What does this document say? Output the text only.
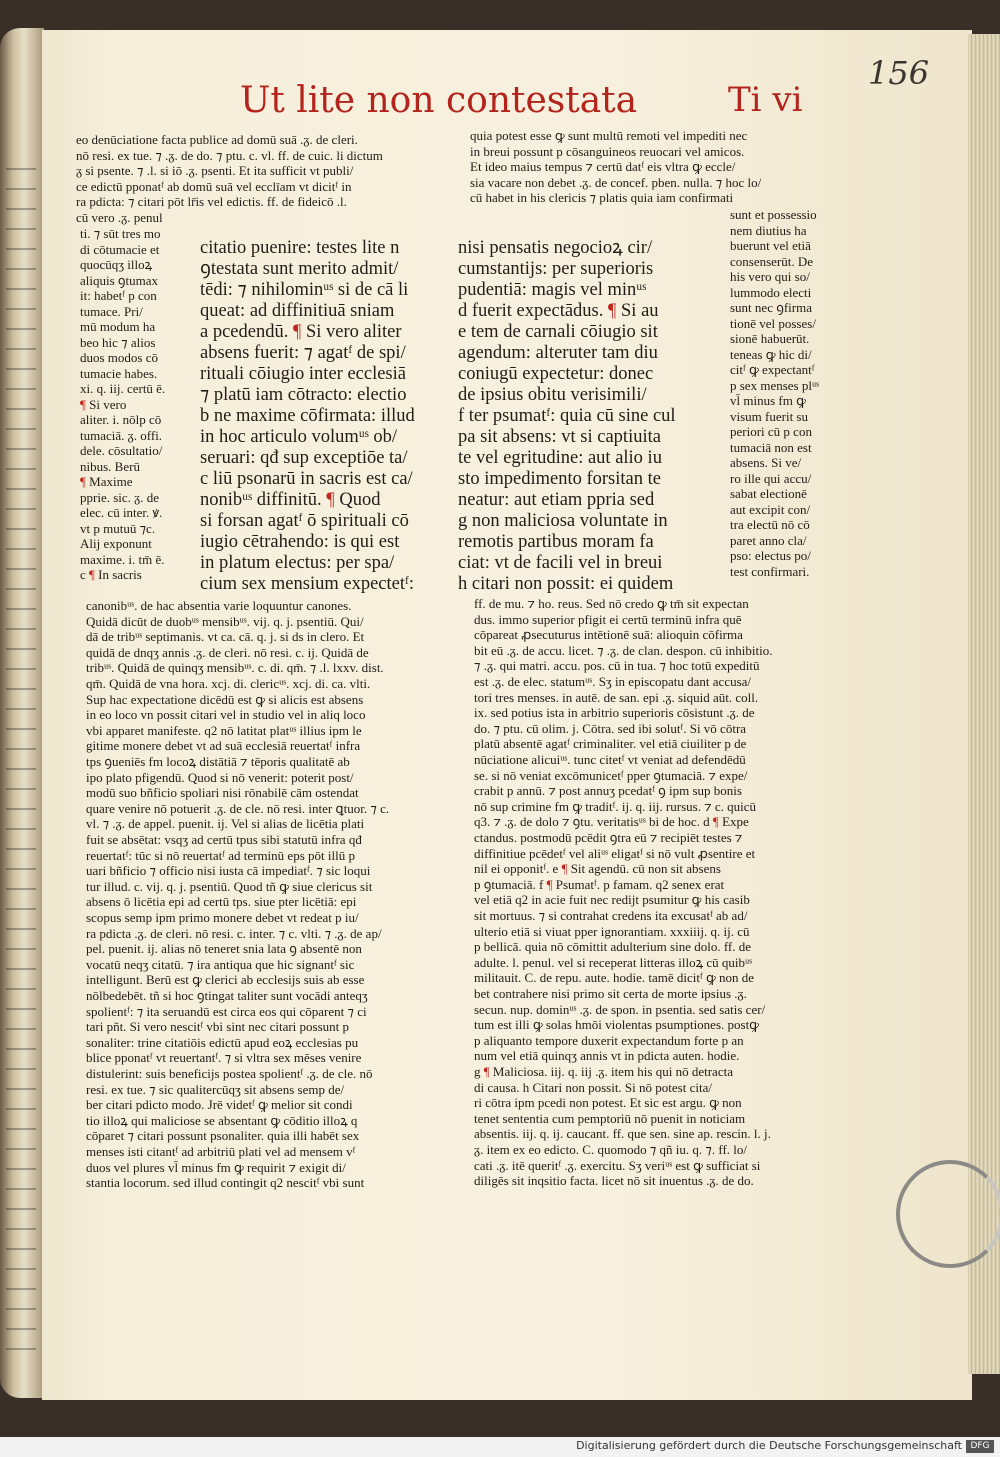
156
Ut lite non contestata	Ti vi
eo denūciatione facta publice ad domū suā .ᵹ. de cleri.
nō resi. ex tue. ⁊ .ᵹ. de do. ⁊ ptu. c. vl. ff. de cuic. li dictum
ᵹ si psente. ⁊ .l. si iō .ᵹ. psenti. Et ita sufficit vt publi/
ce edictū pponatᶠ ab domū suā vel ecclīam vt dicitᶠ in
ra pdicta: ⁊ citari pōt lr̄is vel edictis. ff. de fideicō .l.
cū vero .ᵹ. penul
ti. ⁊ sūt tres mo
di cōtumacie et
quocūqʒ illoꝝ
aliquis ꝯtumax
it: habetᶠ p con
tumace. Pri/
mū modum ha
beo hic ⁊ alios
duos modos cō
tumacie habes.
xi. q. iij. certū ē.
¶ Si vero
aliter. i. nōlp cō
tumaciā. ᵹ. offi.
dele. cōsultatio/
nibus. Berū
¶ Maxime
pprie. sic. ᵹ. de
elec. cū inter. ꝟ.
vt p mutuū ⁊c.
Alij exponunt
maxime. i. tm̄ ē.
c ¶ In sacris
citatio puenire: testes lite n
ꝯtestata sunt merito admit/
tēdi: ⁊ nihilominᵘˢ si de cā li
queat: ad diffinitiuā sniam
a pcedendū. ¶ Si vero aliter
absens fuerit: ⁊ agatᶠ de spi/
rituali cōiugio inter ecclesiā
⁊ platū iam cōtracto: electio
b ne maxime cōfirmata: illud
in hoc articulo volumᵘˢ ob/
seruari: qđ sup exceptiōe ta/
c liū psonarū in sacris est ca/
nonibᵘˢ diffinitū. ¶ Quod
si forsan agatᶠ ō spirituali cō
iugio cētrahendo: is qui est
in platum electus: per spa/
cium sex mensium expectetᶠ:
quia potest esse ꝙ sunt multū remoti vel impediti nec
in breui possunt p cōsanguineos reuocari vel amicos.
Et ideo maius tempus ⁊ certū datᶠ eis vltra ꝙ eccle/
sia vacare non debet .ᵹ. de concef. pben. nulla. ⁊ hoc lo/
cū habet in his clericis ⁊ platis quia iam confirmati
nisi pensatis negocioꝝ cir/
cumstantijs: per superioris
pudentiā: magis vel minᵘˢ
d fuerit expectādus. ¶ Si au
e tem de carnali cōiugio sit
agendum: alteruter tam diu
coniugū expectetur: donec
de ipsius obitu verisimili/
f ter psumatᶠ: quia cū sine cul
pa sit absens: vt si captiuita
te vel egritudine: aut alio iu
sto impedimento forsitan te
neatur: aut etiam ppria sed
g non maliciosa voluntate in
remotis partibus moram fa
ciat: vt de facili vel in breui
h citari non possit: ei quidem
sunt et possessio
nem diutius ha
buerunt vel etiā
consenserūt. De
his vero qui so/
lummodo electi
sunt nec ꝯfirma
tionē vel posses/
sionē habuerūt.
teneas ꝙ hic di/
citᶠ ꝙ expectantᶠ
p sex menses plᵘˢ
vl̄ minus fm ꝙ
visum fuerit su
periori cū p con
tumaciā non est
absens. Si ve/
ro ille qui accu/
sabat electionē
aut excipit con/
tra electū nō cō
paret anno cla/
pso: electus po/
test confirmari.
canonibᵘˢ. de hac absentia varie loquuntur canones.
Quidā dicūt de duobᵘˢ mensibᵘˢ. vij. q. j. psentiū. Qui/
dā de tribᵘˢ septimanis. vt ca. cā. q. j. si ds in clero. Et
quidā de dnqʒ annis .ᵹ. de cleri. nō resi. c. ij. Quidā de
tribᵘˢ. Quidā de quinqʒ mensibᵘˢ. c. di. qm̄. ⁊ .l. lxxv. dist.
qm̄. Quidā de vna hora. xcj. di. clericᵘˢ. xcj. di. ca. vlti.
Sup hac expectatione dicēdū est ꝙ si alicis est absens
in eo loco vn possit citari vel in studio vel in aliq loco
vbi apparet manifeste. q2 nō latitat platᵘˢ illius ipm le
gitime monere debet vt ad suā ecclesiā reuertatᶠ infra
tps ꝯueniēs fm locoꝝ distātiā ⁊ tēporis qualitatē ab
ipo plato pfigendū. Quod si nō venerit: poterit post/
modū suo bñficio spoliari nisi rōnabilē cām ostendat
quare venire nō potuerit .ᵹ. de cle. nō resi. inter ꝗtuor. ⁊ c.
vl. ⁊ .ᵹ. de appel. puenit. ij. Vel si alias de licētia plati
fuit se absētat: vsqʒ ad certū tpus sibi statutū infra qđ
reuertatᶠ: tūc si nō reuertatᶠ ad terminū eps pōt illū p
uari bñficio ⁊ officio nisi iusta cā impediatᶠ. ⁊ sic loqui
tur illud. c. vij. q. j. psentiū. Quod tñ ꝙ siue clericus sit
absens ō licētia epi ad certū tps. siue pter licētiā: epi
scopus semp ipm primo monere debet vt redeat p iu/
ra pdicta .ᵹ. de cleri. nō resi. c. inter. ⁊ c. vlti. ⁊ .ᵹ. de ap/
pel. puenit. ij. alias nō teneret snia lata ꝯ absentē non
vocatū neqʒ citatū. ⁊ ira antiqua que hic signantᶠ sic
intelligunt. Berū est ꝙ clerici ab ecclesijs suis ab esse
nōlbedebēt. tñ si hoc ꝯtingat taliter sunt vocādi anteqʒ
spolientᶠ: ⁊ ita seruandū est circa eos qui cōparent ⁊ ci
tari pñt. Si vero nescitᶠ vbi sint nec citari possunt p
sonaliter: trine citatiōis edictū apud eoꝝ ecclesias pu
blice pponatᶠ vt reuertantᶠ. ⁊ si vltra sex mēses venire
distulerint: suis beneficijs postea spolientᶠ .ᵹ. de cle. nō
resi. ex tue. ⁊ sic qualitercūqʒ sit absens semp de/
ber citari pdicto modo. Jrē videtᶠ ꝙ melior sit condi
tio illoꝝ qui maliciose se absentant ꝙ cōditio illoꝝ q
cōparet ⁊ citari possunt psonaliter. quia illi habēt sex
menses isti citantᶠ ad arbitriū plati vel ad mensem vᶠ
duos vel plures vl̄ minus fm ꝙ requirit ⁊ exigit di/
stantia locorum. sed illud contingit q2 nescitᶠ vbi sunt
ff. de mu. ⁊ ho. reus. Sed nō credo ꝙ tm̄ sit expectan
dus. immo superior pfigit ei certū terminū infra quē
cōpareat ꝓsecuturus intētionē suā: alioquin cōfirma
bit eū .ᵹ. de accu. licet. ⁊ .ᵹ. de clan. despon. cū inhibitio.
⁊ .ᵹ. qui matri. accu. pos. cū in tua. ⁊ hoc totū expeditū
est .ᵹ. de elec. statumᵘˢ. Sʒ in episcopatu dant accusa/
tori tres menses. in autē. de san. epi .ᵹ. siquid aūt. coll.
ix. sed potius ista in arbitrio superioris cōsistunt .ᵹ. de
do. ⁊ ptu. cū olim. j. Cōtra. sed ibi solutᶠ. Si vō cōtra
platū absentē agatᶠ criminaliter. vel etiā ciuiliter p de
nūciatione alicuiᵘˢ. tunc citetᶠ vt veniat ad defendēdū
se. si nō veniat excōmunicetᶠ pper ꝯtumaciā. ⁊ expe/
crabit p annū. ⁊ post annuʒ pcedatᶠ ꝯ ipm sup bonis
nō sup crimine fm ꝙ traditᶠ. ij. q. iij. rursus. ⁊ c. quicū
q3. ⁊ .ᵹ. de dolo ⁊ ꝯtu. veritatisᵘˢ bi de hoc. d ¶ Expe
ctandus. postmodū pcēdit ꝯtra eū ⁊ recipiēt testes ⁊
diffinitiue pcēdetᶠ vel aliᵘˢ eligatᶠ si nō vult ꝓsentire et
nil ei opponitᶠ. e ¶ Sit agendū. cū non sit absens
p ꝯtumaciā. f ¶ Psumatᶠ. p famam. q2 senex erat
vel etiā q2 in acie fuit nec redijt psumitur ꝙ his casib
sit mortuus. ⁊ si contrahat credens ita excusatᶠ ab ad/
ulterio etiā si viuat pper ignorantiam. xxxiiij. q. ij. cū
p bellicā. quia nō cōmittit adulterium sine dolo. ff. de
adulte. l. penul. vel si receperat litteras illoꝝ cū quibᵘˢ
militauit. C. de repu. aute. hodie. tamē dicitᶠ ꝙ non de
bet contrahere nisi primo sit certa de morte ipsius .ᵹ.
secun. nup. dominᵘˢ .ᵹ. de spon. in psentia. sed satis cer/
tum est illi ꝙ solas hmōi violentas psumptiones. postꝙ
p aliquanto tempore duxerit expectandum forte p an
num vel etiā quinqʒ annis vt in pdicta auten. hodie.
g ¶ Maliciosa. iij. q. iij .ᵹ. item his qui nō detracta
di causa. h Citari non possit. Si nō potest cita/
ri cōtra ipm pcedi non potest. Et sic est argu. ꝙ non
tenet sententia cum pemptoriū nō puenit in noticiam
absentis. iij. q. ij. caucant. ff. que sen. sine ap. rescin. l. j.
ᵹ. item ex eo edicto. C. quomodo ⁊ qñ iu. q. ⁊. ff. lo/
cati .ᵹ. itē queritᶠ .ᵹ. exercitu. Sʒ veriᵘˢ est ꝙ sufficiat si
diligēs sit inqsitio facta. licet nō sit inuentus .ᵹ. de do.
Digitalisierung gefördert durch die Deutsche Forschungsgemeinschaft DFG
